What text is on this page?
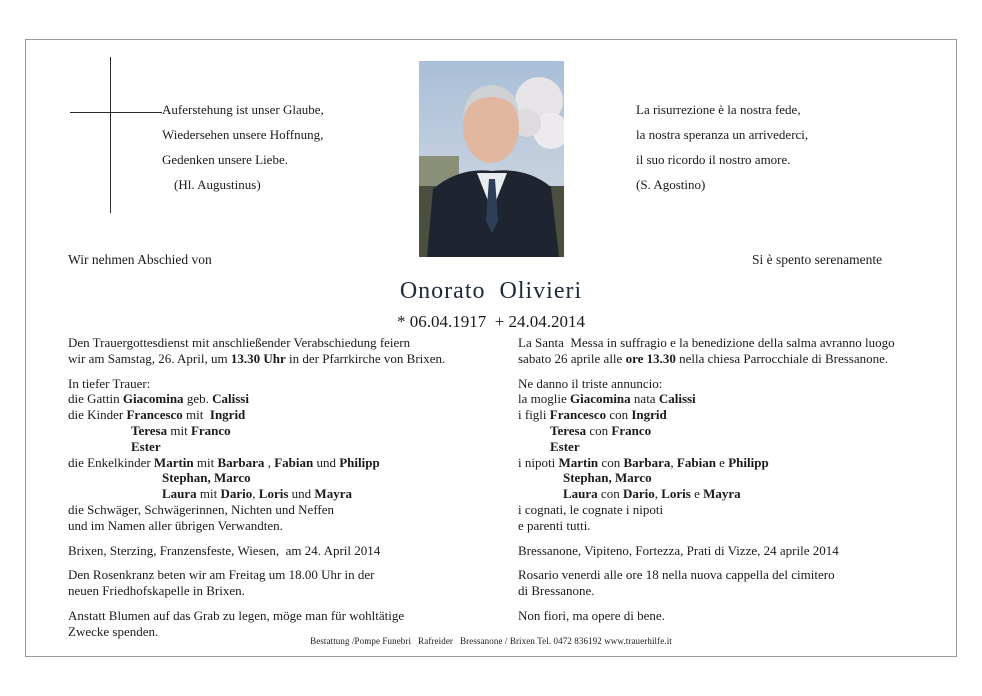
Auferstehung ist unser Glaube,
Wiedersehen unsere Hoffnung,
Gedenken unsere Liebe.
(Hl. Augustinus)
La risurrezione è la nostra fede,
la nostra speranza un arrivederci,
il suo ricordo il nostro amore.
(S. Agostino)
Wir nehmen Abschied von	Si è spento serenamente
Onorato  Olivieri
* 06.04.1917  + 24.04.2014
Den Trauergottesdienst mit anschließender Verabschiedung feiern
wir am Samstag, 26. April, um 13.30 Uhr in der Pfarrkirche von Brixen.
In tiefer Trauer:
die Gattin Giacomina geb. Calissi
die Kinder Francesco mit  Ingrid
Teresa mit Franco
Ester
die Enkelkinder Martin mit Barbara , Fabian und Philipp
Stephan, Marco
Laura mit Dario, Loris und Mayra
die Schwäger, Schwägerinnen, Nichten und Neffen
und im Namen aller übrigen Verwandten.
Brixen, Sterzing, Franzensfeste, Wiesen,  am 24. April 2014
Den Rosenkranz beten wir am Freitag um 18.00 Uhr in der
neuen Friedhofskapelle in Brixen.
Anstatt Blumen auf das Grab zu legen, möge man für wohltätige
Zwecke spenden.
La Santa  Messa in suffragio e la benedizione della salma avranno luogo
sabato 26 aprile alle ore 13.30 nella chiesa Parrocchiale di Bressanone.
Ne danno il triste annuncio:
la moglie Giacomina nata Calissi
i figli Francesco con Ingrid
Teresa con Franco
Ester
i nipoti Martin con Barbara, Fabian e Philipp
Stephan, Marco
Laura con Dario, Loris e Mayra
i cognati, le cognate i nipoti
e parenti tutti.
Bressanone, Vipiteno, Fortezza, Prati di Vizze, 24 aprile 2014
Rosario venerdi alle ore 18 nella nuova cappella del cimitero
di Bressanone.
Non fiori, ma opere di bene.
Bestattung /Pompe Funebri   Rafreider   Bressanone / Brixen Tel. 0472 836192 www.trauerhilfe.it
